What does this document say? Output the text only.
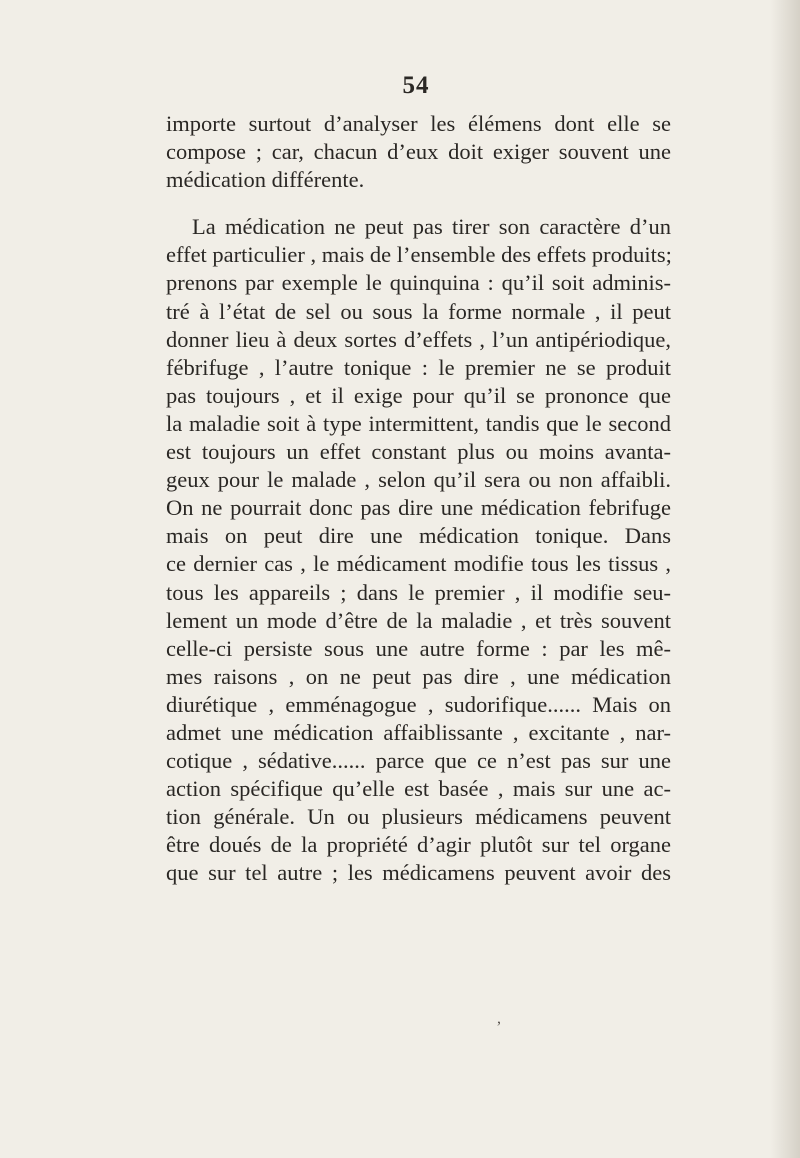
54
importe surtout d’analyser les élémens dont elle se
compose ; car, chacun d’eux doit exiger souvent une
médication différente.
La médication ne peut pas tirer son caractère d’un
effet particulier , mais de l’ensemble des effets produits;
prenons par exemple le quinquina : qu’il soit adminis-
tré à l’état de sel ou sous la forme normale , il peut
donner lieu à deux sortes d’effets , l’un antipériodique,
fébrifuge , l’autre tonique : le premier ne se produit
pas toujours , et il exige pour qu’il se prononce que
la maladie soit à type intermittent, tandis que le second
est toujours un effet constant plus ou moins avanta-
geux pour le malade , selon qu’il sera ou non affaibli.
On ne pourrait donc pas dire une médication febrifuge
mais on peut dire une médication tonique. Dans
ce dernier cas , le médicament modifie tous les tissus ,
tous les appareils ; dans le premier , il modifie seu-
lement un mode d’être de la maladie , et très souvent
celle-ci persiste sous une autre forme : par les mê-
mes raisons , on ne peut pas dire , une médication
diurétique , emménagogue , sudorifique...... Mais on
admet une médication affaiblissante , excitante , nar-
cotique , sédative...... parce que ce n’est pas sur une
action spécifique qu’elle est basée , mais sur une ac-
tion générale. Un ou plusieurs médicamens peuvent
être doués de la propriété d’agir plutôt sur tel organe
que sur tel autre ; les médicamens peuvent avoir des
,
